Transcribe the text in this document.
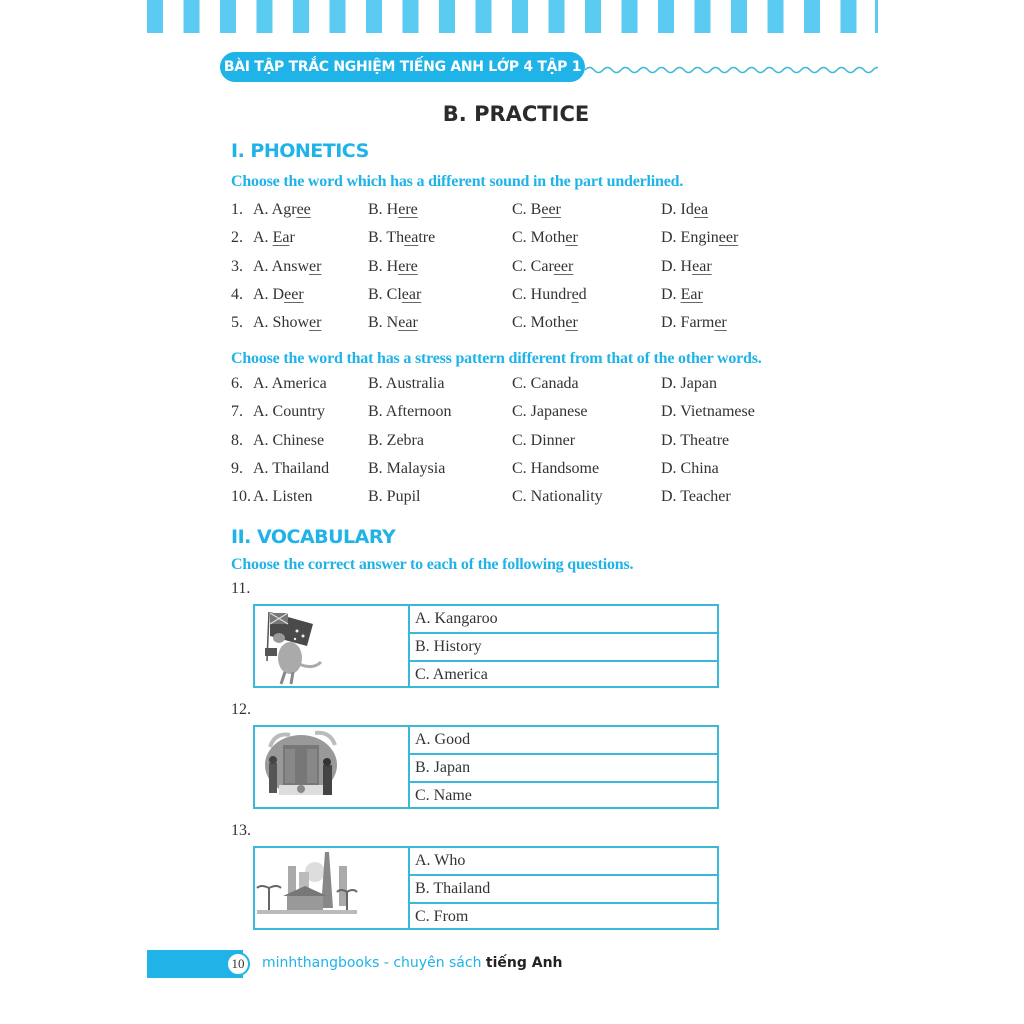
BÀI TẬP TRẮC NGHIỆM TIẾNG ANH LỚP 4 TẬP 1
B. PRACTICE
I. PHONETICS
Choose the word which has a different sound in the part underlined.
1. A. Agree	B. Here	C. Beer	D. Idea
2. A. Ear	B. Theatre	C. Mother	D. Engineer
3. A. Answer	B. Here	C. Career	D. Hear
4. A. Deer	B. Clear	C. Hundred	D. Ear
5. A. Shower	B. Near	C. Mother	D. Farmer
Choose the word that has a stress pattern different from that of the other words.
6. A. America	B. Australia	C. Canada	D. Japan
7. A. Country	B. Afternoon	C. Japanese	D. Vietnamese
8. A. Chinese	B. Zebra	C. Dinner	D. Theatre
9. A. Thailand B. Malaysia	C. Handsome	D. China
10. A. Listen	B. Pupil	C. Nationality	D. Teacher
II. VOCABULARY
Choose the correct answer to each of the following questions.
11.
A. Kangaroo
B. History
C. America
12.
A. Good
B. Japan
C. Name
13.
A. Who
B. Thailand
C. From
10	minhthangbooks - chuyên sách tiếng Anh
